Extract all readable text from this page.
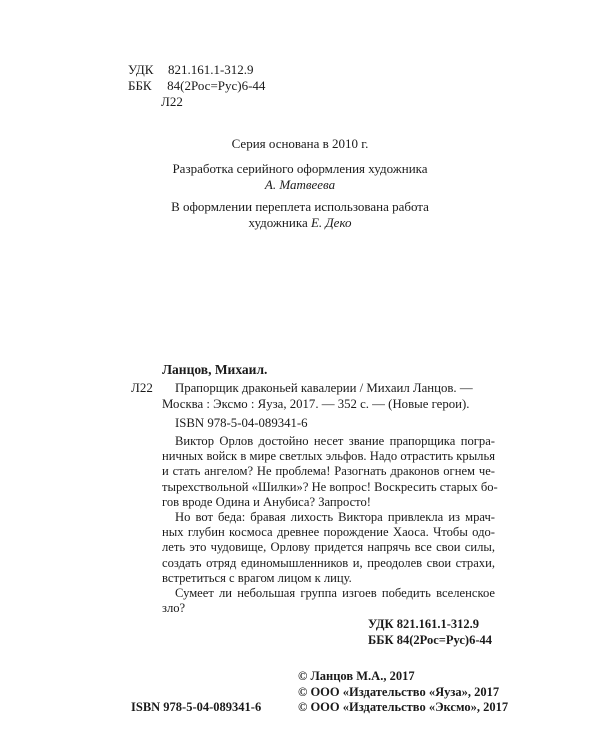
УДК 821.161.1-312.9
ББК 84(2Рос=Рус)6-44
Л22
Серия основана в 2010 г.
Разработка серийного оформления художника
А. Матвеева
В оформлении переплета использована работа
художника Е. Деко
Ланцов, Михаил.
Л22 Прапорщик драконьей кавалерии / Михаил Ланцов. —
Москва : Эксмо : Яуза, 2017. — 352 с. — (Новые герои).
ISBN 978-5-04-089341-6
Виктор Орлов достойно несет звание прапорщика погра-
ничных войск в мире светлых эльфов. Надо отрастить крылья
и стать ангелом? Не проблема! Разогнать драконов огнем че-
тырехствольной «Шилки»? Не вопрос! Воскресить старых бо-
гов вроде Одина и Анубиса? Запросто!
Но вот беда: бравая лихость Виктора привлекла из мрач-
ных глубин космоса древнее порождение Хаоса. Чтобы одо-
леть это чудовище, Орлову придется напрячь все свои силы,
создать отряд единомышленников и, преодолев свои страхи,
встретиться с врагом лицом к лицу.
Сумеет ли небольшая группа изгоев победить вселенское
зло?
УДК 821.161.1-312.9
ББК 84(2Рос=Рус)6-44
© Ланцов М.А., 2017
© ООО «Издательство «Яуза», 2017
© ООО «Издательство «Эксмо», 2017
ISBN 978-5-04-089341-6
